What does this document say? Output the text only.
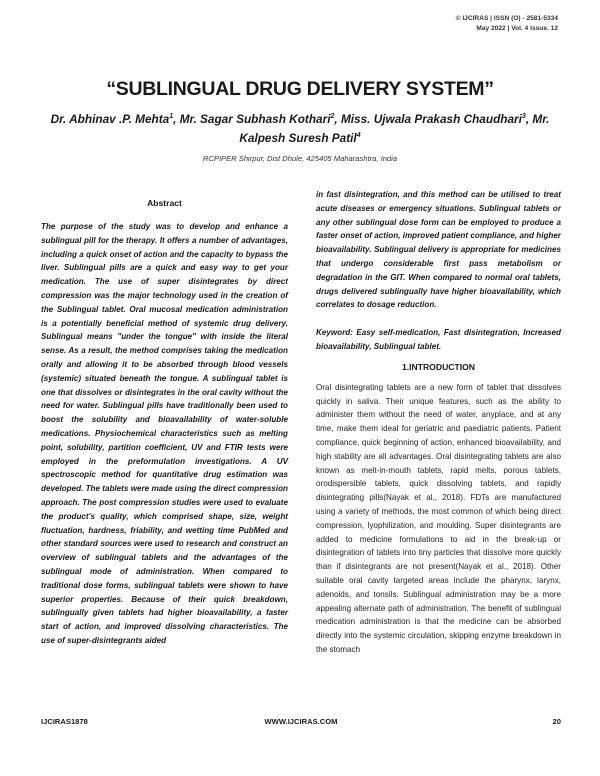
© IJCIRAS | ISSN (O) - 2581-5334
May 2022 | Vol. 4 Issue. 12
“SUBLINGUAL DRUG DELIVERY SYSTEM”
Dr. Abhinav .P. Mehta$^1$, Mr. Sagar Subhash Kothari$^2$, Miss. Ujwala Prakash Chaudhari$^3$, Mr.
Kalpesh Suresh Patil$^4$
RCPIPER Shirpur, Dist Dhule, 425405 Maharashtra, India
Abstract
The purpose of the study was to develop and enhance a sublingual pill for the therapy. It offers a number of advantages, including a quick onset of action and the capacity to bypass the liver. Sublingual pills are a quick and easy way to get your medication. The use of super disintegrates by direct compression was the major technology used in the creation of the Sublingual tablet. Oral mucosal medication administration is a potentially beneficial method of systemic drug delivery. Sublingual means "under the tongue" with inside the literal sense. As a result, the method comprises taking the medication orally and allowing it to be absorbed through blood vessels (systemic) situated beneath the tongue. A sublingual tablet is one that dissolves or disintegrates in the oral cavity without the need for water. Sublingual pills have traditionally been used to boost the solubility and bioavailability of water-soluble medications. Physiochemical characteristics such as melting point, solubility, partition coefficient, UV and FTIR tests were employed in the preformulation investigations. A UV spectroscopic method for quantitative drug estimation was developed. The tablets were made using the direct compression approach. The post compression studies were used to evaluate the product's quality, which comprised shape, size, weight fluctuation, hardness, friability, and wetting time PubMed and other standard sources were used to research and construct an overview of sublingual tablets and the advantages of the sublingual mode of administration. When compared to traditional dose forms, sublingual tablets were shown to have superior properties. Because of their quick breakdown, sublingually given tablets had higher bioavailability, a faster start of action, and improved dissolving characteristics. The use of super-disintegrants aided
in fast disintegration, and this method can be utilised to treat acute diseases or emergency situations. Sublingual tablets or any other sublingual dose form can be employed to produce a faster onset of action, improved patient compliance, and higher bioavailability. Sublingual delivery is appropriate for medicines that undergo considerable first pass metabolism or degradation in the GIT. When compared to normal oral tablets, drugs delivered sublingually have higher bioavailability, which correlates to dosage reduction.
Keyword: Easy self-medication, Fast disintegration, Increased bioavailability, Sublingual tablet.
1.INTRODUCTION
Oral disintegrating tablets are a new form of tablet that dissolves quickly in saliva. Their unique features, such as the ability to administer them without the need of water, anyplace, and at any time, make them ideal for geriatric and paediatric patients. Patient compliance, quick beginning of action, enhanced bioavailability, and high stability are all advantages. Oral disintegrating tablets are also known as melt-in-mouth tablets, rapid melts, porous tablets, orodispersible tablets, quick dissolving tablets, and rapidly disintegrating pills(Nayak et al., 2018). FDTs are manufactured using a variety of methods, the most common of which being direct compression, lyophilization, and moulding. Super disintegrants are added to medicine formulations to aid in the break-up or disintegration of tablets into tiny particles that dissolve more quickly than if disintegrants are not present(Nayak et al., 2018). Other suitable oral cavity targeted areas include the pharynx, larynx, adenoids, and tonsils. Sublingual administration may be a more appealing alternate path of administration. The benefit of sublingual medication administration is that the medicine can be absorbed directly into the systemic circulation, skipping enzyme breakdown in the stomach
IJCIRAS1878	WWW.IJCIRAS.COM	20
